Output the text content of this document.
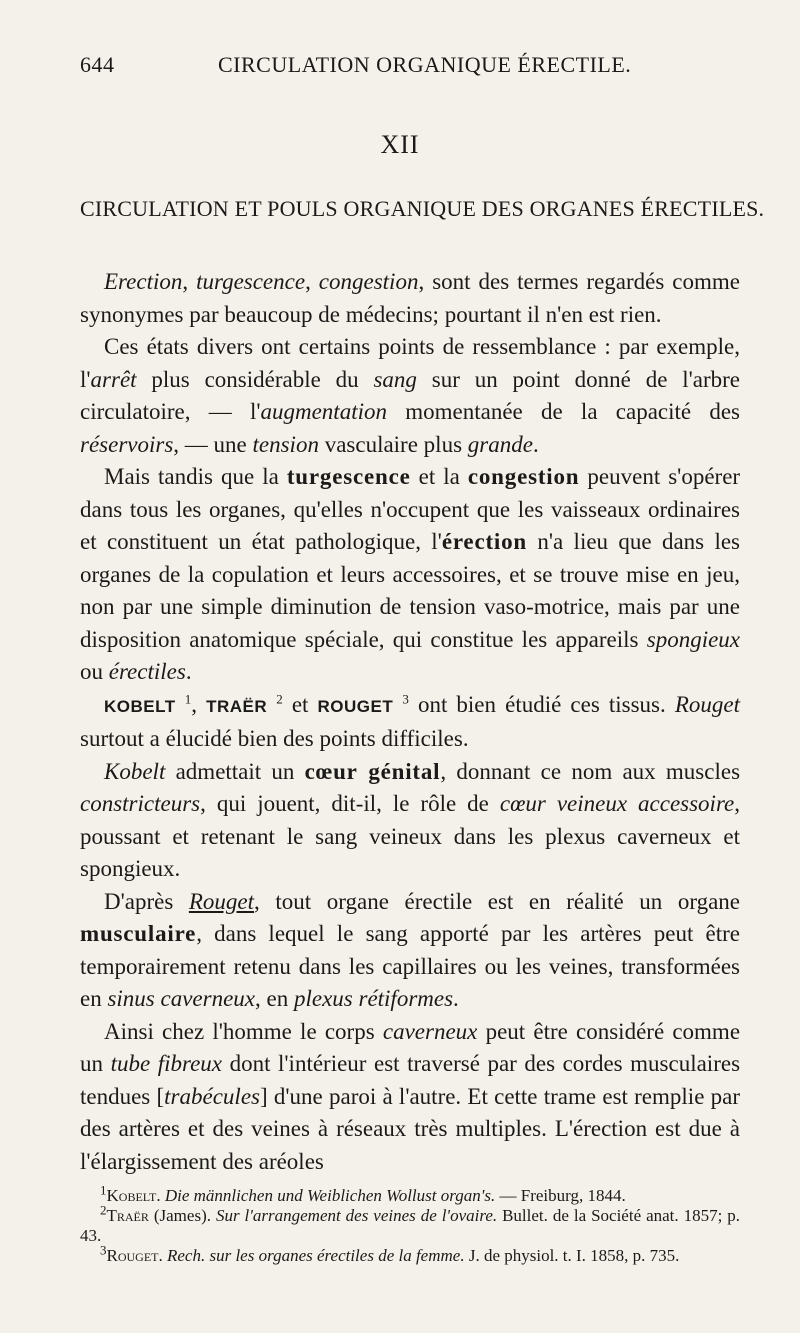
644	CIRCULATION ORGANIQUE ÉRECTILE.
XII
CIRCULATION ET POULS ORGANIQUE DES ORGANES ÉRECTILES.

Erection, turgescence, congestion, sont des termes regardés comme synonymes par beaucoup de médecins; pourtant il n'en est rien.

Ces états divers ont certains points de ressemblance : par exemple, l'arrêt plus considérable du sang sur un point donné de l'arbre circulatoire, — l'augmentation momentanée de la capacité des réservoirs, — une tension vasculaire plus grande.

Mais tandis que la turgescence et la congestion peuvent s'opérer dans tous les organes, qu'elles n'occupent que les vaisseaux ordinaires et constituent un état pathologique, l'érection n'a lieu que dans les organes de la copulation et leurs accessoires, et se trouve mise en jeu, non par une simple diminution de tension vaso-motrice, mais par une disposition anatomique spéciale, qui constitue les appareils spongieux ou érectiles.

KOBELT $^1$, TRAËR $^2$ et ROUGET $^3$ ont bien étudié ces tissus. Rouget surtout a élucidé bien des points difficiles.

Kobelt admettait un cœur génital, donnant ce nom aux muscles constricteurs, qui jouent, dit-il, le rôle de cœur veineux accessoire, poussant et retenant le sang veineux dans les plexus caverneux et spongieux.

D'après Rouget, tout organe érectile est en réalité un organe musculaire, dans lequel le sang apporté par les artères peut être temporairement retenu dans les capillaires ou les veines, transformées en sinus caverneux, en plexus rétiformes.

Ainsi chez l'homme le corps caverneux peut être considéré comme un tube fibreux dont l'intérieur est traversé par des cordes musculaires tendues [trabécules] d'une paroi à l'autre. Et cette trame est remplie par des artères et des veines à réseaux très multiples. L'érection est due à l'élargissement des aréoles

$^1$Kobelt. Die männlichen und Weiblichen Wollust organ's. — Freiburg, 1844.

$^2$Traër (James). Sur l'arrangement des veines de l'ovaire. Bullet. de la Société anat. 1857; p. 43.

$^3$Rouget. Rech. sur les organes érectiles de la femme. J. de physiol. t. I. 1858, p. 735.
